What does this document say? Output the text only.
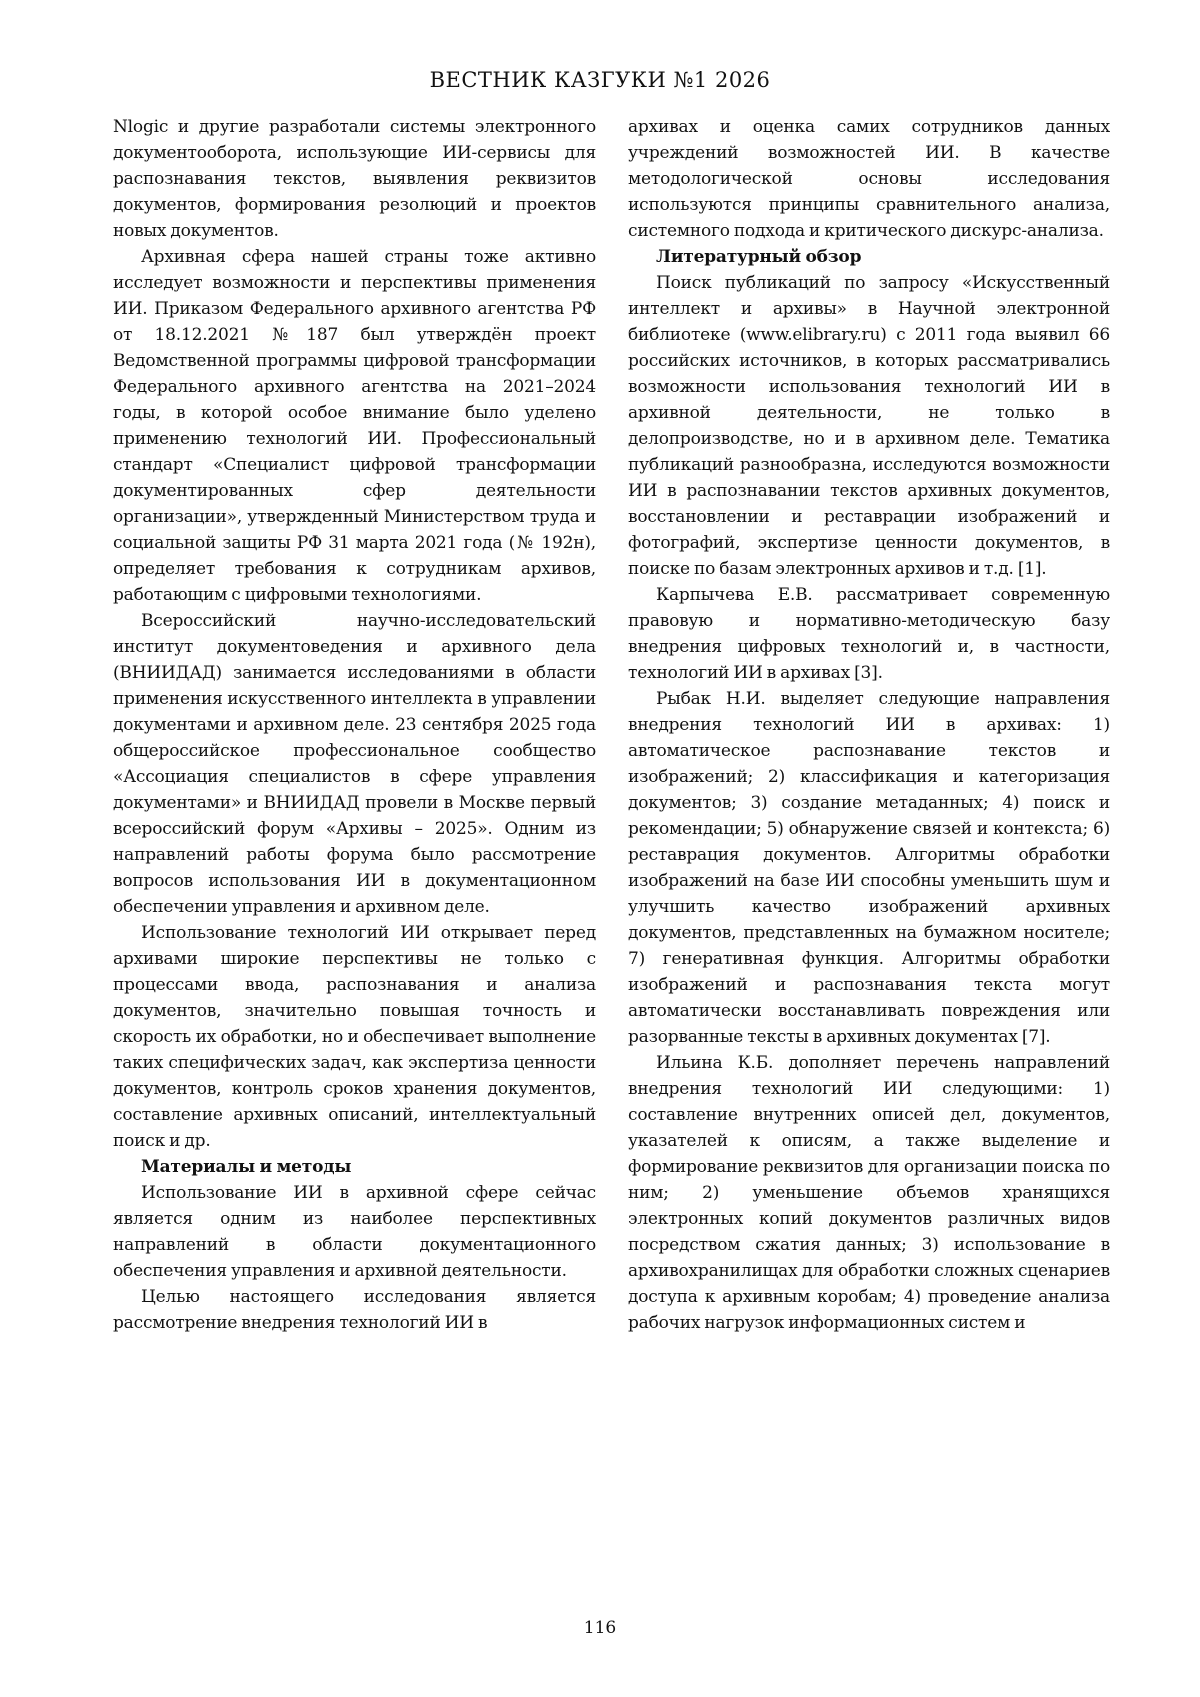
ВЕСТНИК КАЗГУКИ №1 2026

Nlogic и другие разработали системы электронного документооборота, использующие ИИ-сервисы для распознавания текстов, выявления реквизитов документов, формирования резолюций и проектов новых документов.

Архивная сфера нашей страны тоже активно исследует возможности и перспективы применения ИИ. Приказом Федерального архивного агентства РФ от 18.12.2021 №187 был утверждён проект Ведомственной программы цифровой трансформации Федерального архивного агентства на 2021–2024 годы, в которой особое внимание было уделено применению технологий ИИ. Профессиональный стандарт «Специалист цифровой трансформации документированных сфер деятельности организации», утвержденный Министерством труда и социальной защиты РФ 31 марта 2021 года (№ 192н), определяет требования к сотрудникам архивов, работающим с цифровыми технологиями.

Всероссийский научно-исследовательский институт документоведения и архивного дела (ВНИИДАД) занимается исследованиями в области применения искусственного интеллекта в управлении документами и архивном деле. 23 сентября 2025 года общероссийское профессиональное сообщество «Ассоциация специалистов в сфере управления документами» и ВНИИДАД провели в Москве первый всероссийский форум «Архивы – 2025». Одним из направлений работы форума было рассмотрение вопросов использования ИИ в документационном обеспечении управления и архивном деле.

Использование технологий ИИ открывает перед архивами широкие перспективы не только с процессами ввода, распознавания и анализа документов, значительно повышая точность и скорость их обработки, но и обеспечивает выполнение таких специфических задач, как экспертиза ценности документов, контроль сроков хранения документов, составление архивных описаний, интеллектуальный поиск и др.

Материалы и методы

Использование ИИ в архивной сфере сейчас является одним из наиболее перспективных направлений в области документационного обеспечения управления и архивной деятельности.

Целью настоящего исследования является рассмотрение внедрения технологий ИИ в

архивах и оценка самих сотрудников данных учреждений возможностей ИИ. В качестве методологической основы исследования используются принципы сравнительного анализа, системного подхода и критического дискурс-анализа.

Литературный обзор

Поиск публикаций по запросу «Искусственный интеллект и архивы» в Научной электронной библиотеке (www.elibrary.ru) с 2011 года выявил 66 российских источников, в которых рассматривались возможности использования технологий ИИ в архивной деятельности, не только в делопроизводстве, но и в архивном деле. Тематика публикаций разнообразна, исследуются возможности ИИ в распознавании текстов архивных документов, восстановлении и реставрации изображений и фотографий, экспертизе ценности документов, в поиске по базам электронных архивов и т.д. [1].

Карпычева Е.В. рассматривает современную правовую и нормативно-методическую базу внедрения цифровых технологий и, в частности, технологий ИИ в архивах [3].

Рыбак Н.И. выделяет следующие направления внедрения технологий ИИ в архивах: 1) автоматическое распознавание текстов и изображений; 2) классификация и категоризация документов; 3) создание метаданных; 4) поиск и рекомендации; 5) обнаружение связей и контекста; 6) реставрация документов. Алгоритмы обработки изображений на базе ИИ способны уменьшить шум и улучшить качество изображений архивных документов, представленных на бумажном носителе; 7) генеративная функция. Алгоритмы обработки изображений и распознавания текста могут автоматически восстанавливать повреждения или разорванные тексты в архивных документах [7].

Ильина К.Б. дополняет перечень направлений внедрения технологий ИИ следующими: 1) составление внутренних описей дел, документов, указателей к описям, а также выделение и формирование реквизитов для организации поиска по ним; 2) уменьшение объемов хранящихся электронных копий документов различных видов посредством сжатия данных; 3) использование в архивохранилищах для обработки сложных сценариев доступа к архивным коробам; 4) проведение анализа рабочих нагрузок информационных систем и

116
